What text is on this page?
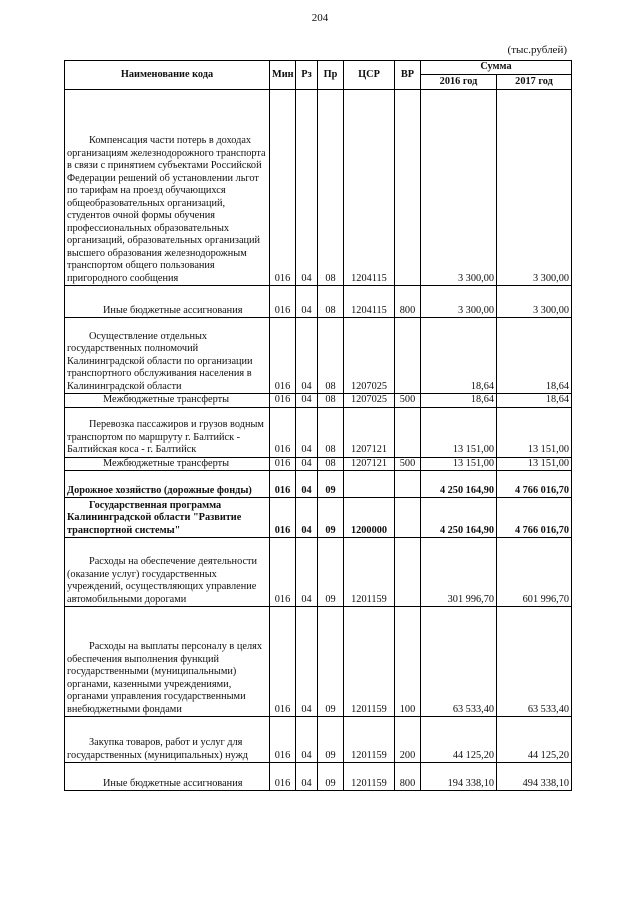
204
(тыс.рублей)
Наименование кода	Мин	Рз	Пр	ЦСР	ВР	Сумма	
						2016 год	2017 год

Компенсация части потерь в доходах организациям железнодорожного транспорта в связи с принятием субъектами Российской Федерации решений об установлении льгот по тарифам на проезд обучающихся общеобразовательных организаций, студентов очной формы обучения профессиональных образовательных организаций, образовательных организаций высшего образования железнодорожным транспортом общего пользования пригородного сообщения	016	04	08	1204115		3 300,00	3 300,00

Иные бюджетные ассигнования	016	04	08	1204115	800	3 300,00	3 300,00

Осуществление отдельных государственных полномочий Калининградской области по организации транспортного обслуживания населения в Калининградской области	016	04	08	1207025		18,64	18,64

Межбюджетные трансферты	016	04	08	1207025	500	18,64	18,64

Перевозка пассажиров и грузов водным транспортом по маршруту г. Балтийск - Балтийская коса - г. Балтийск	016	04	08	1207121		13 151,00	13 151,00

Межбюджетные трансферты	016	04	08	1207121	500	13 151,00	13 151,00
Дорожное хозяйство (дорожные фонды)	016	04	09			4 250 164,90	4 766 016,70

Государственная программа Калининградской области "Развитие транспортной системы"	016	04	09	1200000		4 250 164,90	4 766 016,70

Расходы на обеспечение деятельности (оказание услуг) государственных учреждений, осуществляющих управление автомобильными дорогами	016	04	09	1201159		301 996,70	601 996,70

Расходы на выплаты персоналу в целях обеспечения выполнения функций государственными (муниципальными) органами, казенными учреждениями, органами управления государственными внебюджетными фондами	016	04	09	1201159	100	63 533,40	63 533,40

Закупка товаров, работ и услуг для государственных (муниципальных) нужд	016	04	09	1201159	200	44 125,20	44 125,20

Иные бюджетные ассигнования	016	04	09	1201159	800	194 338,10	494 338,10
